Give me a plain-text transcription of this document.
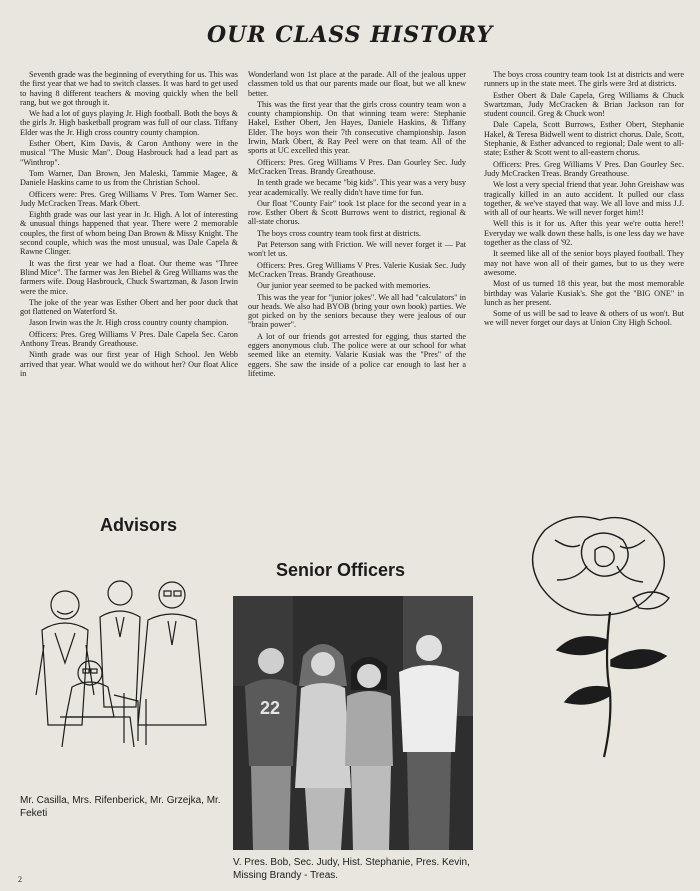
OUR CLASS HISTORY

Seventh grade was the beginning of everything for us. This was the first year that we had to switch classes. It was hard to get used to having 8 different teachers & moving quickly when the bell rang, but we got through it.

We had a lot of guys playing Jr. High football. Both the boys & the girls Jr. High basketball program was full of our class. Tiffany Elder was the Jr. High cross country county champion.

Esther Obert, Kim Davis, & Caron Anthony were in the musical "The Music Man". Doug Hasbrouck had a lead part as "Winthrop".

Tom Warner, Dan Brown, Jen Maleski, Tammie Magee, & Daniele Haskins came to us from the Christian School.

Officers were: Pres. Greg Williams V Pres. Tom Warner Sec. Judy McCracken Treas. Mark Obert.

Eighth grade was our last year in Jr. High. A lot of interesting & unusual things happened that year. There were 2 memorable couples, the first of whom being Dan Brown & Missy Knight. The second couple, which was the most unusual, was Dale Capela & Rawne Clinger.

It was the first year we had a float. Our theme was "Three Blind Mice". The farmer was Jen Biebel & Greg Williams was the farmers wife. Doug Hasbrouck, Chuck Swartzman, & Jason Irwin were the mice.

The joke of the year was Esther Obert and her poor duck that got flattened on Waterford St.

Jason Irwin was the Jr. High cross country county champion.

Officers: Pres. Greg Williams V Pres. Dale Capela Sec. Caron Anthony Treas. Brandy Greathouse.

Ninth grade was our first year of High School. Jen Webb arrived that year. What would we do without her? Our float Alice in

Wonderland won 1st place at the parade. All of the jealous upper classmen told us that our parents made our float, but we all knew better.

This was the first year that the girls cross country team won a county championship. On that winning team were: Stephanie Hakel, Esther Obert, Jen Hayes, Daniele Haskins, & Tiffany Elder. The boys won their 7th consecutive championship. Jason Irwin, Mark Obert, & Ray Peel were on that team. All of the sports at UC excelled this year.

Officers: Pres. Greg Williams V Pres. Dan Gourley Sec. Judy McCracken Treas. Brandy Greathouse.

In tenth grade we became "big kids". This year was a very busy year academically. We really didn't have time for fun.

Our float "County Fair" took 1st place for the second year in a row. Esther Obert & Scott Burrows went to district, regional & all-state chorus.

The boys cross country team took first at districts.

Pat Peterson sang with Friction. We will never forget it — Pat won't let us.

Officers: Pres. Greg Williams V Pres. Valerie Kusiak Sec. Judy McCracken Treas. Brandy Greathouse.

Our junior year seemed to be packed with memories.

This was the year for "junior jokes". We all had "calculators" in our heads. We also had BYOB (bring your own book) parties. We got picked on by the seniors because they were jealous of our "brain power".

A lot of our friends got arrested for egging, thus started the eggers anonymous club. The police were at our school for what seemed like an eternity. Valarie Kusiak was the "Pres" of the eggers. She saw the inside of a police car enough to last her a lifetime.

The boys cross country team took 1st at districts and were runners up in the state meet. The girls were 3rd at districts.

Esther Obert & Dale Capela, Greg Williams & Chuck Swartzman, Judy McCracken & Brian Jackson ran for student council. Greg & Chuck won!

Dale Capela, Scott Burrows, Esther Obert, Stephanie Hakel, & Teresa Bidwell went to district chorus. Dale, Scott, Stephanie, & Esther advanced to regional; Dale went to all-state; Esther & Scott went to all-eastern chorus.

Officers: Pres. Greg Williams V Pres. Dan Gourley Sec. Judy McCracken Treas. Brandy Greathouse.

We lost a very special friend that year. John Greishaw was tragically killed in an auto accident. It pulled our class together, & we've stayed that way. We all love and miss J.J. with all of our hearts. We will never forget him!!

Well this is it for us. After this year we're outta here!! Everyday we walk down these halls, is one less day we have together as the class of '92.

It seemed like all of the senior boys played football. They may not have won all of their games, but to us they were awesome.

Most of us turned 18 this year, but the most memorable birthday was Valarie Kusiak's. She got the "BIG ONE" in lunch as her present.

Some of us will be sad to leave & others of us won't. But we will never forget our days at Union City High School.

Advisors
Mr. Casilla, Mrs. Rifenberick, Mr. Grzejka, Mr. Feketi
Senior Officers
22
V. Pres. Bob, Sec. Judy, Hist. Stephanie, Pres. Kevin, Missing Brandy - Treas.
2
